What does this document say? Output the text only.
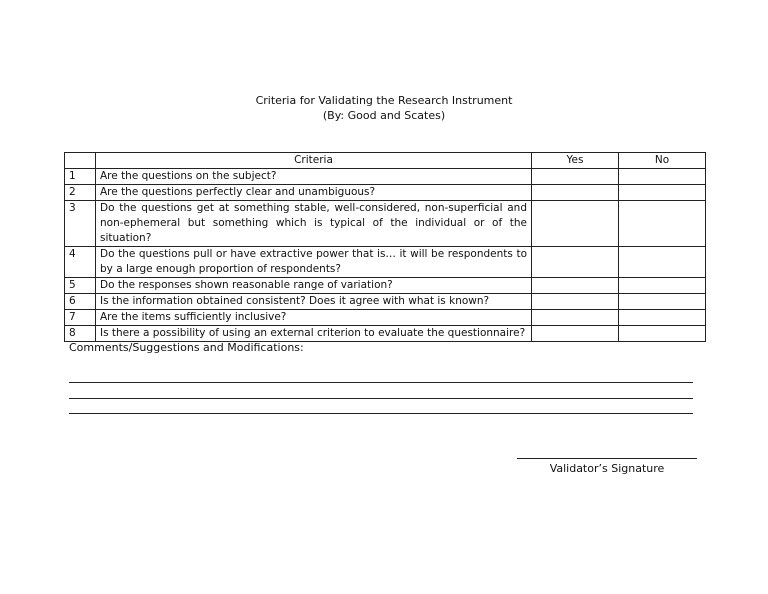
Criteria for Validating the Research Instrument
(By: Good and Scates)
	Criteria	Yes	No
1	Are the questions on the subject?		
2	Are the questions perfectly clear and unambiguous?		
3	Do the questions get at something stable, well-considered, non-superficial and non-ephemeral but something which is typical of the individual or of the situation?		
4	Do the questions pull or have extractive power that is… it will be respondents to by a large enough proportion of respondents?		
5	Do the responses shown reasonable range of variation?		
6	Is the information obtained consistent? Does it agree with what is known?		
7	Are the items sufficiently inclusive?		
8	Is there a possibility of using an external criterion to evaluate the questionnaire?		
Comments/Suggestions and Modifications:
Validator’s Signature
